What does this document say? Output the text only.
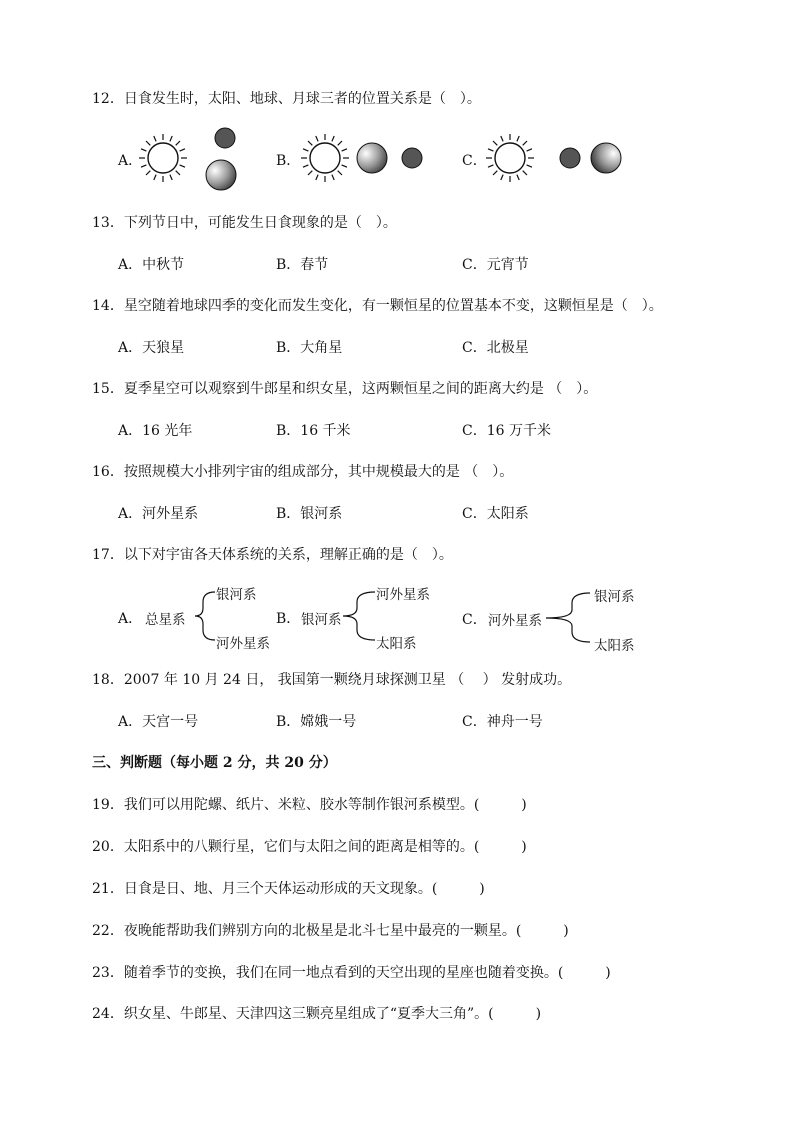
12．日食发生时，太阳、地球、月球三者的位置关系是（　）。
A．	B．	C．
13．下列节日中，可能发生日食现象的是（　）。
A．中秋节	B．春节	C．元宵节
14．星空随着地球四季的变化而发生变化，有一颗恒星的位置基本不变，这颗恒星是（　）。
A．天狼星	B．大角星	C．北极星
15．夏季星空可以观察到牛郎星和织女星，这两颗恒星之间的距离大约是 （　）。
A．16 光年	B．16 千米	C．16 万千米
16．按照规模大小排列宇宙的组成部分，其中规模最大的是 （　）。
A．河外星系	B．银河系	C．太阳系
17．以下对宇宙各天体系统的关系，理解正确的是（　）。
A． 总星系
银河系
河外星系
B． 银河系
河外星系
太阳系
C． 河外星系
银河系
太阳系
18．2007 年 10 月 24 日， 我国第一颗绕月球探测卫星 （　 ） 发射成功。
A．天宫一号	B．嫦娥一号	C．神舟一号
三、判断题（每小题 2 分，共 20 分）
19．我们可以用陀螺、纸片、米粒、胶水等制作银河系模型。(　　　)
20．太阳系中的八颗行星，它们与太阳之间的距离是相等的。(　　　)
21．日食是日、地、月三个天体运动形成的天文现象。(　　　)
22．夜晚能帮助我们辨别方向的北极星是北斗七星中最亮的一颗星。(　　　)
23．随着季节的变换，我们在同一地点看到的天空出现的星座也随着变换。(　　　)
24．织女星、牛郎星、天津四这三颗亮星组成了“夏季大三角”。(　　　)
